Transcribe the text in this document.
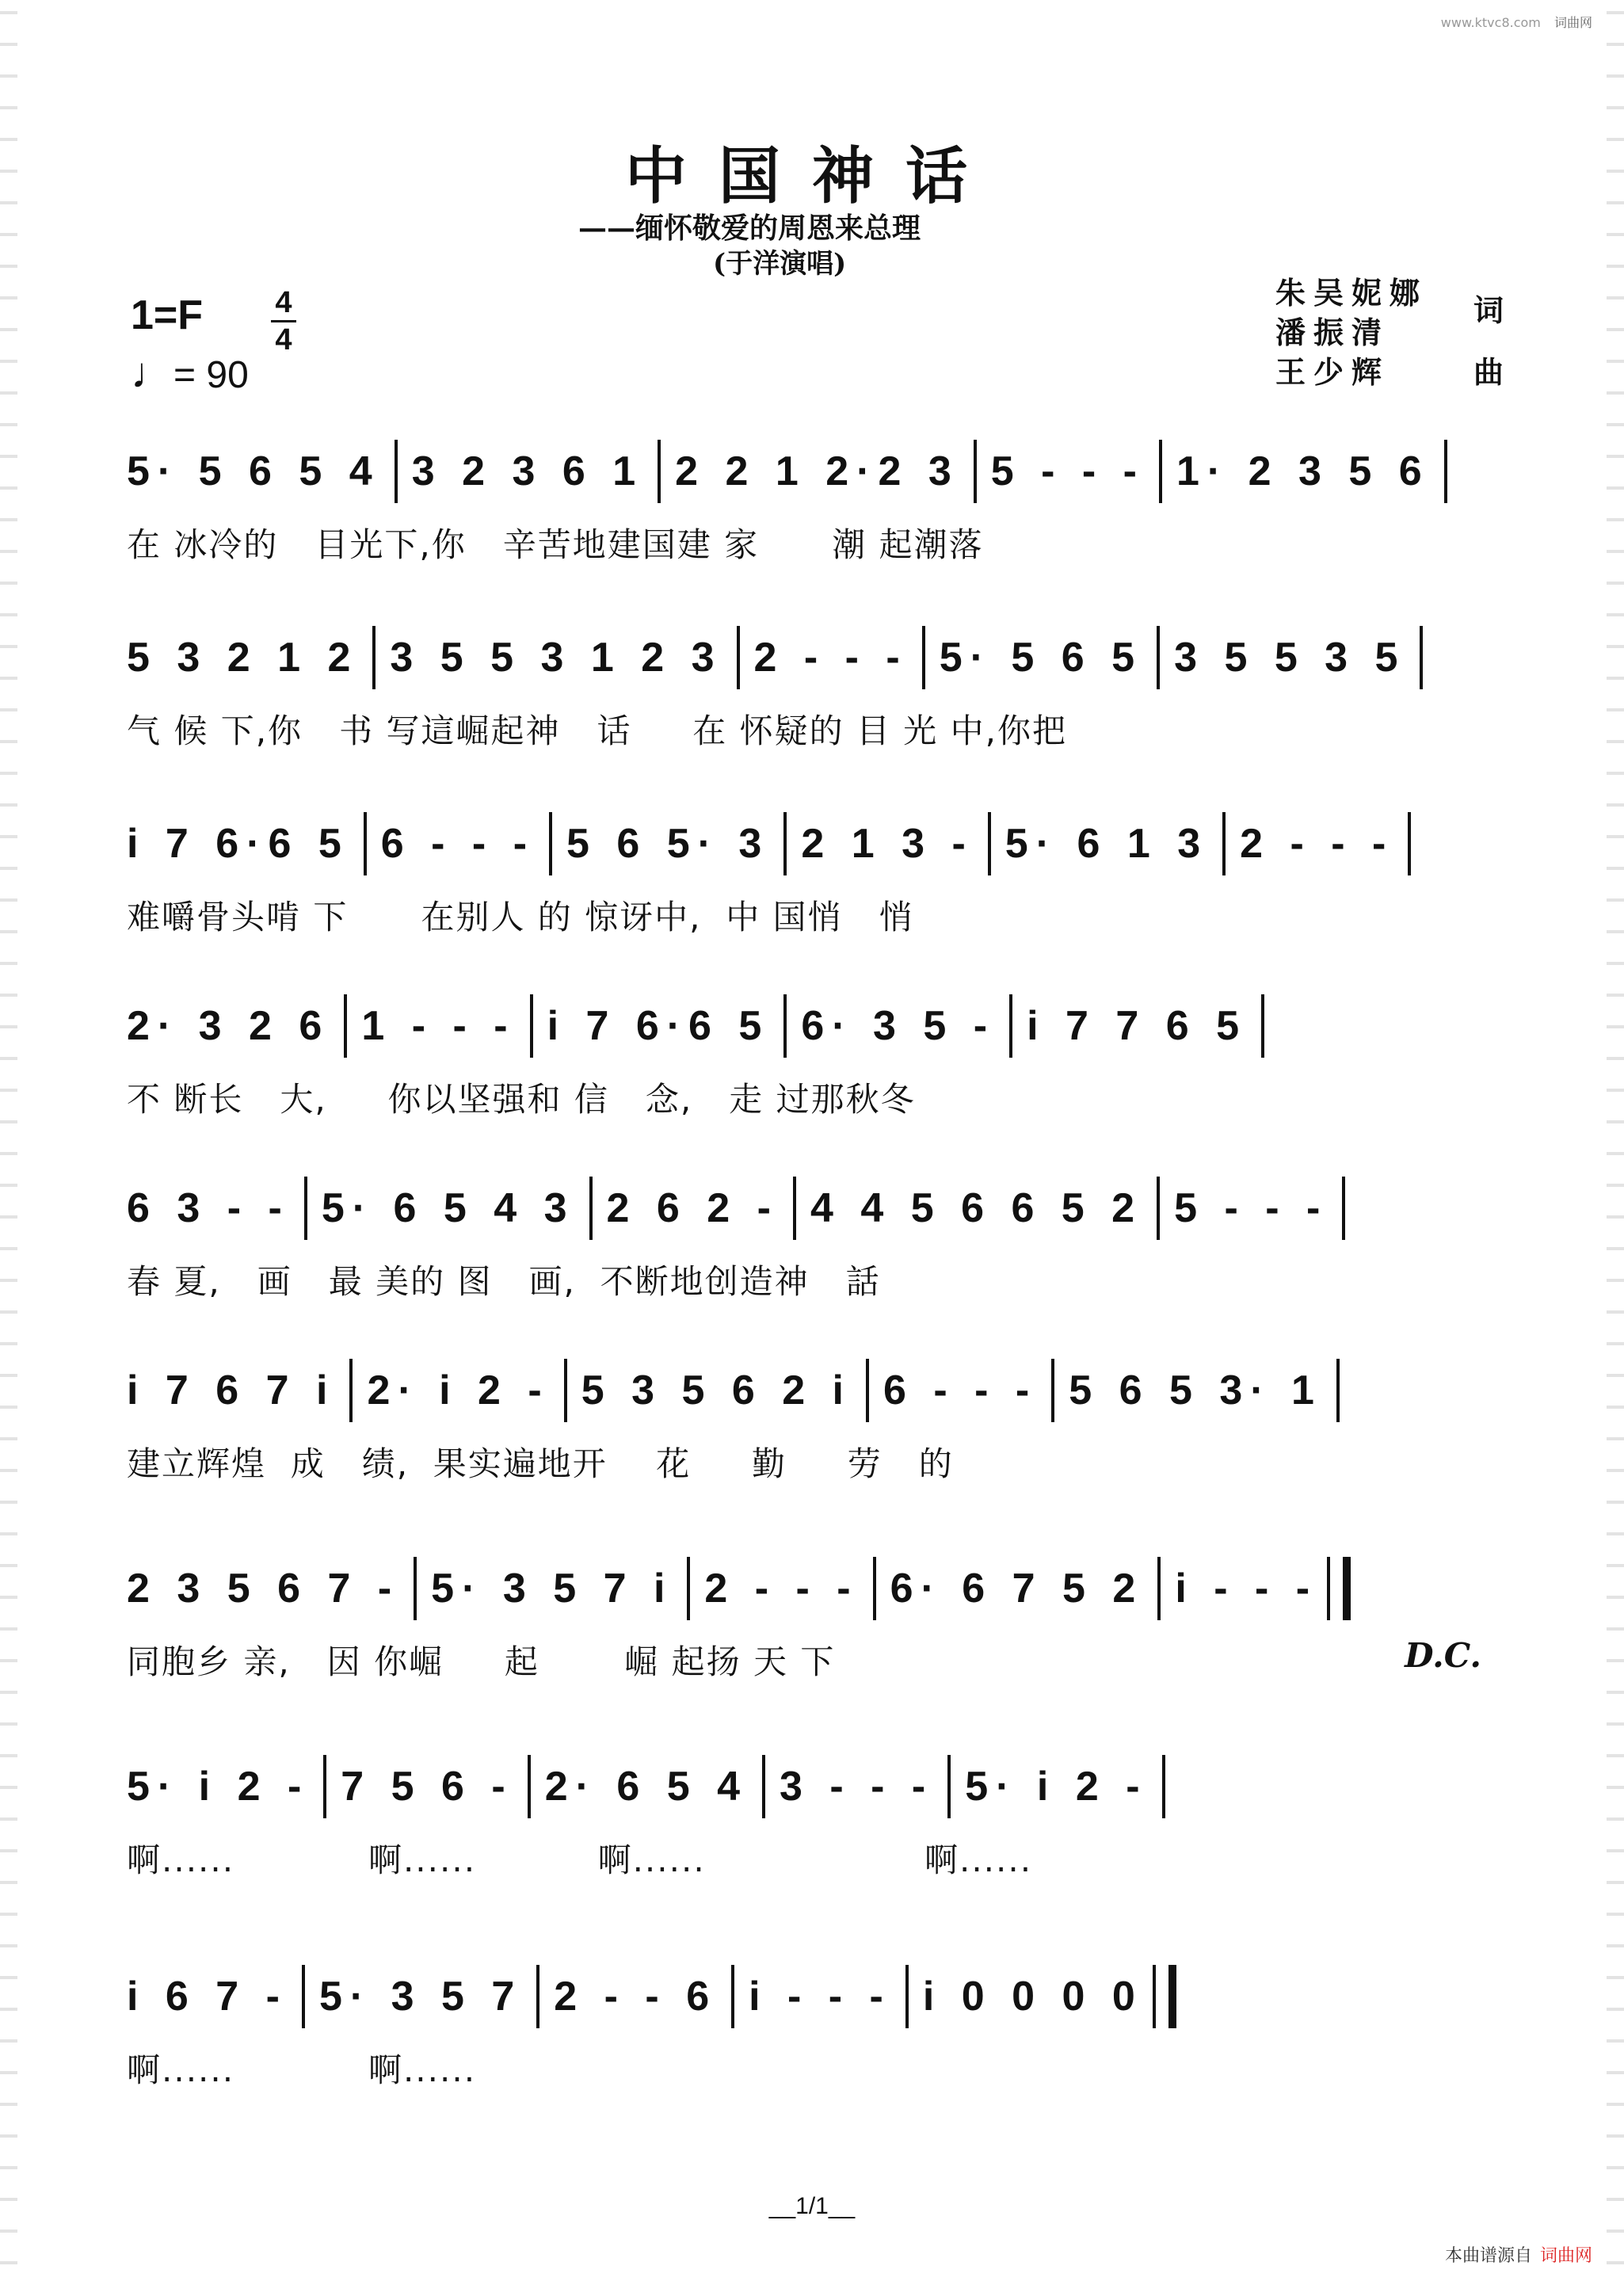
www.ktvc8.com 词曲网
中国神话
——缅怀敬爱的周恩来总理
(于洋演唱)
1=F 4
4
♩= 90
朱吴妮娜
潘振清
词
王少辉	曲
5· 5 6 5 4 3 2 3 6 1 2 2 1 2·2 3 5 - - - 1· 2 3 5 6
在 冰冷的   目光下,你   辛苦地建国建 家      潮 起潮落
5 3 2 1 2 3 5 5 3 1 2 3 2 - - - 5· 5 6 5 3 5 5 3 5
气 候 下,你   书 写這崛起神   话     在 怀疑的 目 光 中,你把
i 7 6·6 5 6 - - - 5 6 5· 3 2 1 3 - 5· 6 1 3 2 - - -
难嚼骨头啃 下      在别人 的 惊讶中,  中 国悄   悄
2· 3 2 6 1 - - - i 7 6·6 5 6· 3 5 - i 7 7 6 5
不 断长   大,     你以坚强和 信   念,   走 过那秋冬
6 3 - - 5· 6 5 4 3 2 6 2 - 4 4 5 6 6 5 2 5 - - -
春 夏,   画   最 美的 图   画,  不断地创造神   話
i 7 6 7 i 2· i 2 - 5 3 5 6 2 i 6 - - - 5 6 5 3· 1
建立辉煌  成   绩,  果实遍地开    花     勤     劳   的
2 3 5 6 7 - 5· 3 5 7 i 2 - - - 6· 6 7 5 2 i - - -
同胞乡 亲,   因 你崛     起       崛 起扬 天 下	D.C.
5· i 2 - 7 5 6 - 2· 6 5 4 3 - - - 5· i 2 -
啊......           啊......          啊......                  啊......
i 6 7 - 5· 3 5 7 2 - - 6 i - - - i 0 0 0 0
啊......           啊......
__1/1__
本曲谱源自 词曲网
